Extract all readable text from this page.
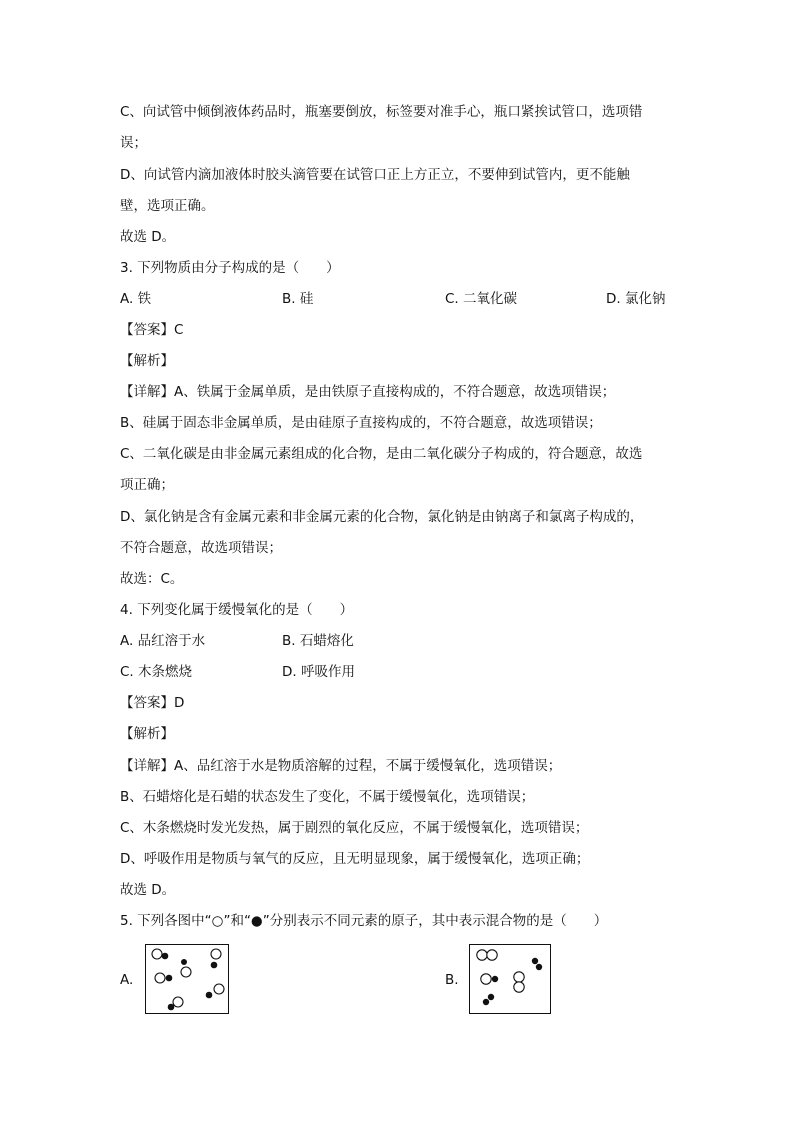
C、向试管中倾倒液体药品时，瓶塞要倒放，标签要对准手心，瓶口紧挨试管口，选项错
误；
D、向试管内滴加液体时胶头滴管要在试管口正上方正立，不要伸到试管内，更不能触
壁，选项正确。
故选 D。
3. 下列物质由分子构成的是（　　）
A. 铁	B. 硅	C. 二氧化碳	D. 氯化钠
【答案】C
【解析】
【详解】A、铁属于金属单质，是由铁原子直接构成的，不符合题意，故选项错误；
B、硅属于固态非金属单质，是由硅原子直接构成的，不符合题意，故选项错误；
C、二氧化碳是由非金属元素组成的化合物，是由二氧化碳分子构成的，符合题意，故选
项正确；
D、氯化钠是含有金属元素和非金属元素的化合物，氯化钠是由钠离子和氯离子构成的，
不符合题意，故选项错误；
故选：C。
4. 下列变化属于缓慢氧化的是（　　）
A. 品红溶于水	B. 石蜡熔化
C. 木条燃烧	D. 呼吸作用
【答案】D
【解析】
【详解】A、品红溶于水是物质溶解的过程，不属于缓慢氧化，选项错误；
B、石蜡熔化是石蜡的状态发生了变化，不属于缓慢氧化，选项错误；
C、木条燃烧时发光发热，属于剧烈的氧化反应，不属于缓慢氧化，选项错误；
D、呼吸作用是物质与氧气的反应，且无明显现象，属于缓慢氧化，选项正确；
故选 D。
5. 下列各图中“○”和“●”分别表示不同元素的原子，其中表示混合物的是（　　）
A.	B.
